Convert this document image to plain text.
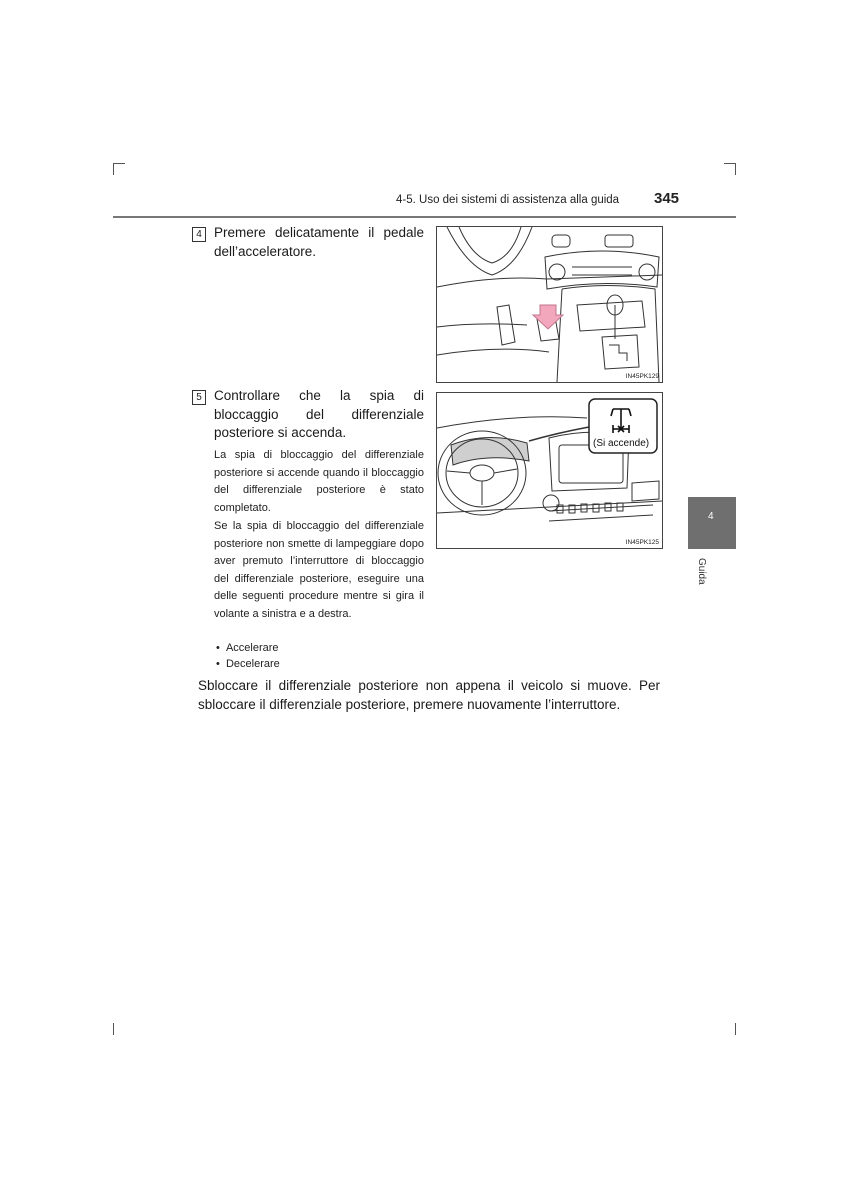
4-5. Uso dei sistemi di assistenza alla guida 345
4 Premere delicatamente il pedale dell’acceleratore.
5 Controllare che la spia di bloccaggio del differenziale posteriore si accenda.
La spia di bloccaggio del differenziale posteriore si accende quando il bloccaggio del differenziale posteriore è stato completato.
Se la spia di bloccaggio del differenziale posteriore non smette di lampeggiare dopo aver premuto l’interruttore di bloccaggio del differenziale posteriore, eseguire una delle seguenti procedure mentre si gira il volante a sinistra e a destra.
•  Accelerare
•  Decelerare
Sbloccare il differenziale posteriore non appena il veicolo si muove. Per sbloccare il differenziale posteriore, premere nuovamente l’interruttore.
IN45PK129
(Si accende)
IN45PK125
4
Guida
